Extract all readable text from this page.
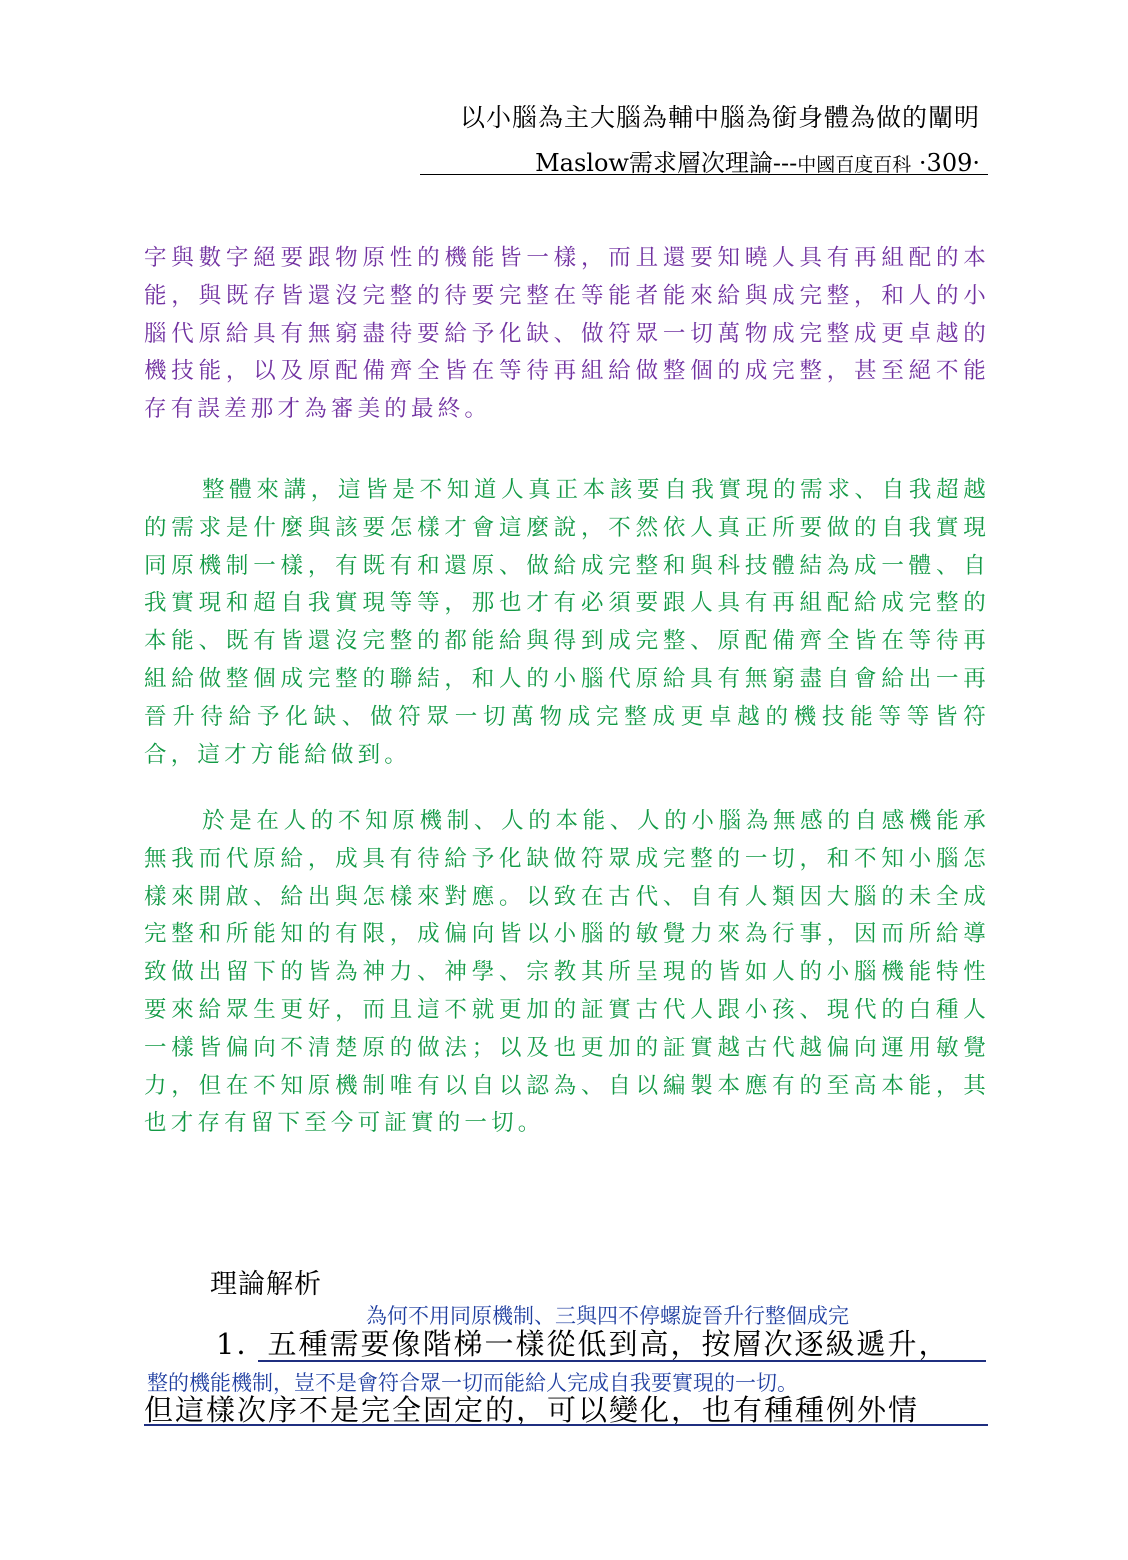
以小腦為主大腦為輔中腦為銜身體為做的闡明
Maslow需求層次理論---中國百度百科 ·309·

字與數字絕要跟物原性的機能皆一樣，而且還要知曉人具有再組配的本能，與既存皆還沒完整的待要完整在等能者能來給與成完整，和人的小腦代原給具有無窮盡待要給予化缺、做符眾一切萬物成完整成更卓越的機技能，以及原配備齊全皆在等待再組給做整個的成完整，甚至絕不能存有誤差那才為審美的最終。

整體來講，這皆是不知道人真正本該要自我實現的需求、自我超越的需求是什麼與該要怎樣才會這麼說，不然依人真正所要做的自我實現同原機制一樣，有既有和還原、做給成完整和與科技體結為成一體、自我實現和超自我實現等等，那也才有必須要跟人具有再組配給成完整的本能、既有皆還沒完整的都能給與得到成完整、原配備齊全皆在等待再組給做整個成完整的聯結，和人的小腦代原給具有無窮盡自會給出一再晉升待給予化缺、做符眾一切萬物成完整成更卓越的機技能等等皆符合，這才方能給做到。

於是在人的不知原機制、人的本能、人的小腦為無感的自感機能承無我而代原給，成具有待給予化缺做符眾成完整的一切，和不知小腦怎樣來開啟、給出與怎樣來對應。以致在古代、自有人類因大腦的未全成完整和所能知的有限，成偏向皆以小腦的敏覺力來為行事，因而所給導致做出留下的皆為神力、神學、宗教其所呈現的皆如人的小腦機能特性要來給眾生更好，而且這不就更加的証實古代人跟小孩、現代的白種人一樣皆偏向不清楚原的做法；以及也更加的証實越古代越偏向運用敏覺力，但在不知原機制唯有以自以認為、自以編製本應有的至高本能，其也才存有留下至今可証實的一切。

理論解析
為何不用同原機制、三與四不停螺旋晉升行整個成完
1．五種需要像階梯一樣從低到高，按層次逐級遞升，
整的機能機制，豈不是會符合眾一切而能給人完成自我要實現的一切。
但這樣次序不是完全固定的，可以變化，也有種種例外情
